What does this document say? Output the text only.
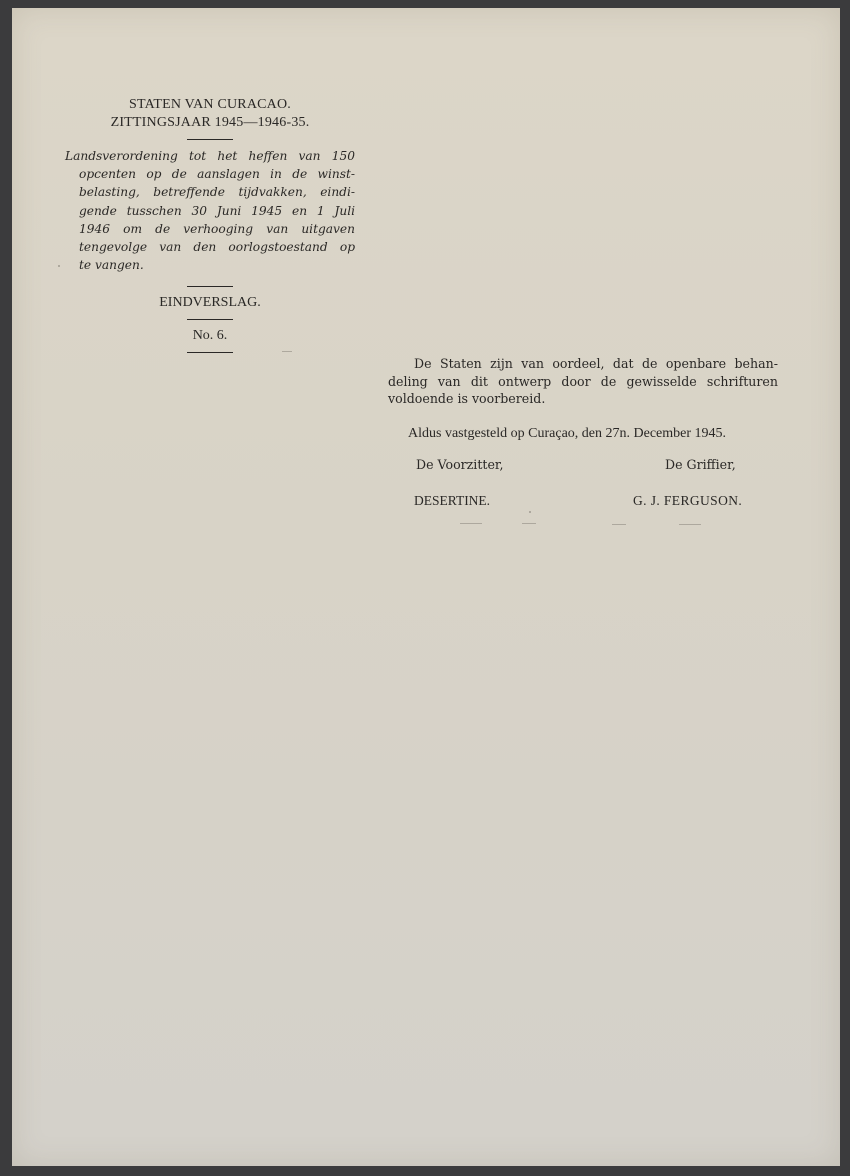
STATEN VAN CURACAO.
ZITTINGSJAAR 1945—1946-35.
Landsverordening tot het heffen van 150
opcenten op de aanslagen in de winst-
belasting, betreffende tijdvakken, eindi-
gende tusschen 30 Juni 1945 en 1 Juli
1946 om de verhooging van uitgaven
tengevolge van den oorlogstoestand op
te vangen.
EINDVERSLAG.
No. 6.
De Staten zijn van oordeel, dat de openbare behan-
deling van dit ontwerp door de gewisselde schrifturen
voldoende is voorbereid.
Aldus vastgesteld op Curaçao, den 27n. December 1945.
De Voorzitter,	De Griffier,
DESERTINE.	G. J. FERGUSON.
